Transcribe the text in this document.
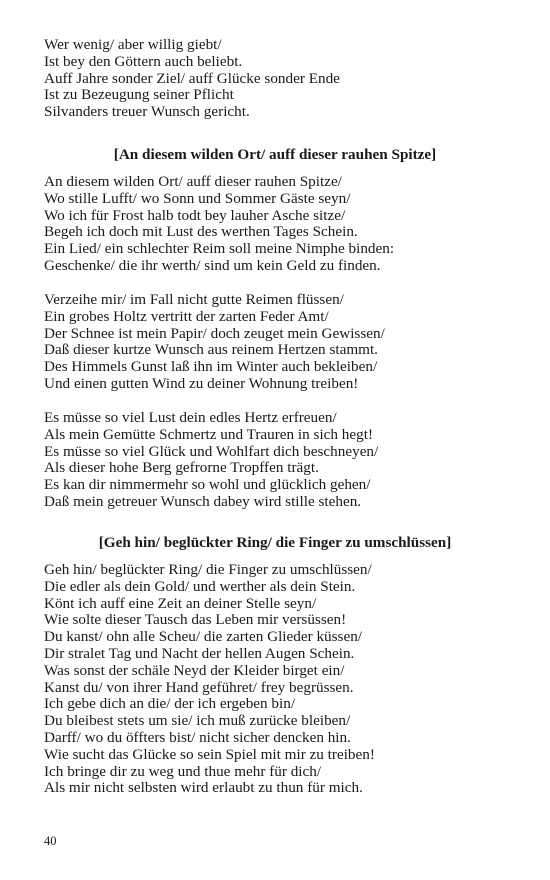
Wer wenig/ aber willig giebt/
Ist bey den Göttern auch beliebt.
Auff Jahre sonder Ziel/ auff Glücke sonder Ende
Ist zu Bezeugung seiner Pflicht
Silvanders treuer Wunsch gericht.
[An diesem wilden Ort/ auff dieser rauhen Spitze]
An diesem wilden Ort/ auff dieser rauhen Spitze/
Wo stille Lufft/ wo Sonn und Sommer Gäste seyn/
Wo ich für Frost halb todt bey lauher Asche sitze/
Begeh ich doch mit Lust des werthen Tages Schein.
Ein Lied/ ein schlechter Reim soll meine Nimphe binden:
Geschenke/ die ihr werth/ sind um kein Geld zu finden.
Verzeihe mir/ im Fall nicht gutte Reimen flüssen/
Ein grobes Holtz vertritt der zarten Feder Amt/
Der Schnee ist mein Papir/ doch zeuget mein Gewissen/
Daß dieser kurtze Wunsch aus reinem Hertzen stammt.
Des Himmels Gunst laß ihn im Winter auch bekleiben/
Und einen gutten Wind zu deiner Wohnung treiben!
Es müsse so viel Lust dein edles Hertz erfreuen/
Als mein Gemütte Schmertz und Trauren in sich hegt!
Es müsse so viel Glück und Wohlfart dich beschneyen/
Als dieser hohe Berg gefrorne Tropffen trägt.
Es kan dir nimmermehr so wohl und glücklich gehen/
Daß mein getreuer Wunsch dabey wird stille stehen.
[Geh hin/ beglückter Ring/ die Finger zu umschlüssen]
Geh hin/ beglückter Ring/ die Finger zu umschlüssen/
Die edler als dein Gold/ und werther als dein Stein.
Könt ich auff eine Zeit an deiner Stelle seyn/
Wie solte dieser Tausch das Leben mir versüssen!
Du kanst/ ohn alle Scheu/ die zarten Glieder küssen/
Dir stralet Tag und Nacht der hellen Augen Schein.
Was sonst der schäle Neyd der Kleider birget ein/
Kanst du/ von ihrer Hand geführet/ frey begrüssen.
Ich gebe dich an die/ der ich ergeben bin/
Du bleibest stets um sie/ ich muß zurücke bleiben/
Darff/ wo du öffters bist/ nicht sicher dencken hin.
Wie sucht das Glücke so sein Spiel mit mir zu treiben!
Ich bringe dir zu weg und thue mehr für dich/
Als mir nicht selbsten wird erlaubt zu thun für mich.
40
